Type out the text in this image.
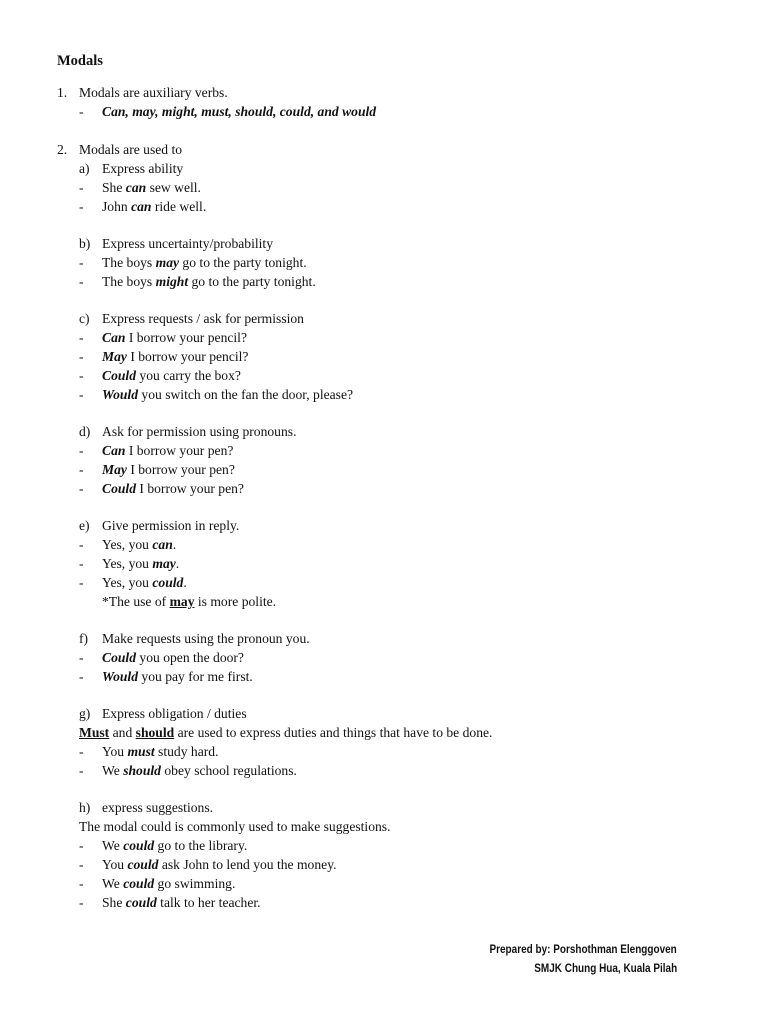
Modals
1. Modals are auxiliary verbs.
- Can, may, might, must, should, could, and would
2. Modals are used to
a) Express ability
- She can sew well.
- John can ride well.
b) Express uncertainty/probability
- The boys may go to the party tonight.
- The boys might go to the party tonight.
c) Express requests / ask for permission
- Can I borrow your pencil?
- May I borrow your pencil?
- Could you carry the box?
- Would you switch on the fan the door, please?
d) Ask for permission using pronouns.
- Can I borrow your pen?
- May I borrow your pen?
- Could I borrow your pen?
e) Give permission in reply.
- Yes, you can.
- Yes, you may.
- Yes, you could.
*The use of may is more polite.
f) Make requests using the pronoun you.
- Could you open the door?
- Would you pay for me first.
g) Express obligation / duties
Must and should are used to express duties and things that have to be done.
- You must study hard.
- We should obey school regulations.
h) express suggestions.
The modal could is commonly used to make suggestions.
- We could go to the library.
- You could ask John to lend you the money.
- We could go swimming.
- She could talk to her teacher.
Prepared by: Porshothman Elenggoven
SMJK Chung Hua, Kuala Pilah
